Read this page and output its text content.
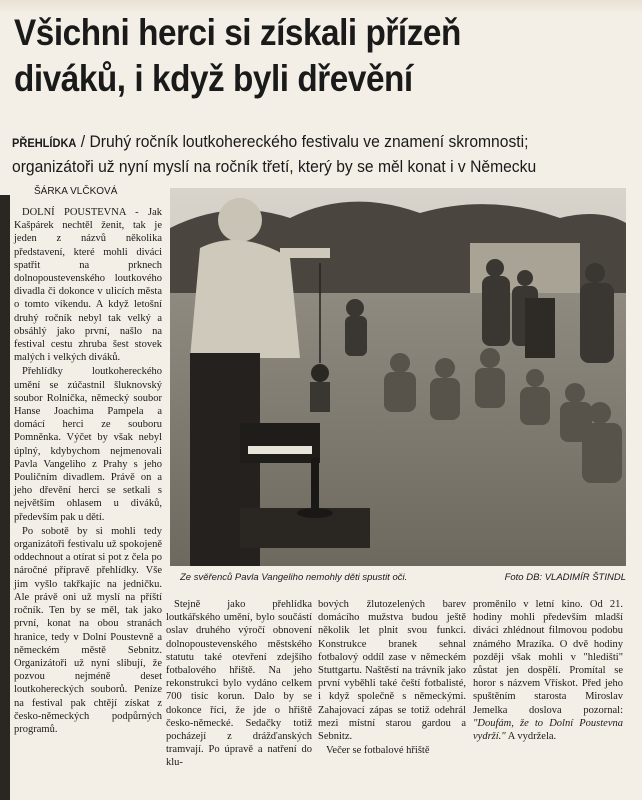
Všichni herci si získali přízeň
diváků, i když byli dřevění
PŘEHLÍDKA / Druhý ročník loutkohereckého festivalu ve znamení skromnosti; organizátoři už nyní myslí na ročník třetí, který by se měl konat i v Německu
ŠÁRKA VLČKOVÁ

DOLNÍ POUSTEVNA - Jak Kašpárek nechtěl ženit, tak je jeden z názvů několika představení, které mohli diváci spatřit na prknech dolnopoustevenského loutkového divadla či dokonce v ulicích města o tomto víkendu. A když letošní druhý ročník nebyl tak velký a obsáhlý jako první, našlo na festival cestu zhruba šest stovek malých i velkých diváků.

Přehlídky loutkohereckého umění se zúčastnil šluknovský soubor Rolnička, německý soubor Hanse Joachima Pampela a domácí herci ze souboru Pomněnka. Výčet by však nebyl úplný, kdybychom nejmenovali Pavla Vangeliho z Prahy s jeho Pouličním divadlem. Právě on a jeho dřevění herci se setkali s největším ohlasem u diváků, především pak u dětí.

Po sobotě by si mohli tedy organizátoři festivalu už spokojeně oddechnout a otírat si pot z čela po náročné přípravě přehlídky. Vše jim vyšlo takřkajíc na jedničku. Ale právě oni už myslí na příští ročník. Ten by se měl, tak jako první, konat na obou stranách hranice, tedy v Dolní Poustevně a německém městě Sebnitz. Organizátoři už nyní slibují, že pozvou nejméně deset loutkohereckých souborů. Peníze na festival pak chtějí získat z česko-německých podpůrných programů.

Ze svěřenců Pavla Vangeliho nemohly děti spustit oči.	Foto DB: VLADIMÍR ŠTINDL

Stejně jako přehlídka loutkářského umění, bylo součástí oslav druhého výročí obnovení dolnopoustevenského městského statutu také otevření zdejšího fotbalového hřiště. Na jeho rekonstrukci bylo vydáno celkem 700 tisíc korun. Dalo by se dokonce říci, že jde o hřiště česko-německé. Sedačky totiž pocházejí z drážďanských tramvají. Po úpravě a natření do klu-

bových žlutozelených barev domácího mužstva budou ještě několik let plnit svou funkci. Konstrukce branek sehnal fotbalový oddíl zase v německém Stuttgartu. Naštěstí na trávník jako první vyběhli také čeští fotbalisté, i když společně s německými. Zahajovací zápas se totiž odehrál mezi místní starou gardou a Sebnitz.

Večer se fotbalové hřiště

proměnilo v letní kino. Od 21. hodiny mohli především mladší diváci zhlédnout filmovou podobu známého Mrazíka. O dvě hodiny později však mohli v "hledišti" zůstat jen dospělí. Promítal se horor s názvem Vřískot. Před jeho spuštěním starosta Miroslav Jemelka doslova pozornal: "Doufám, že to Dolní Poustevna vydrží." A vydržela.
